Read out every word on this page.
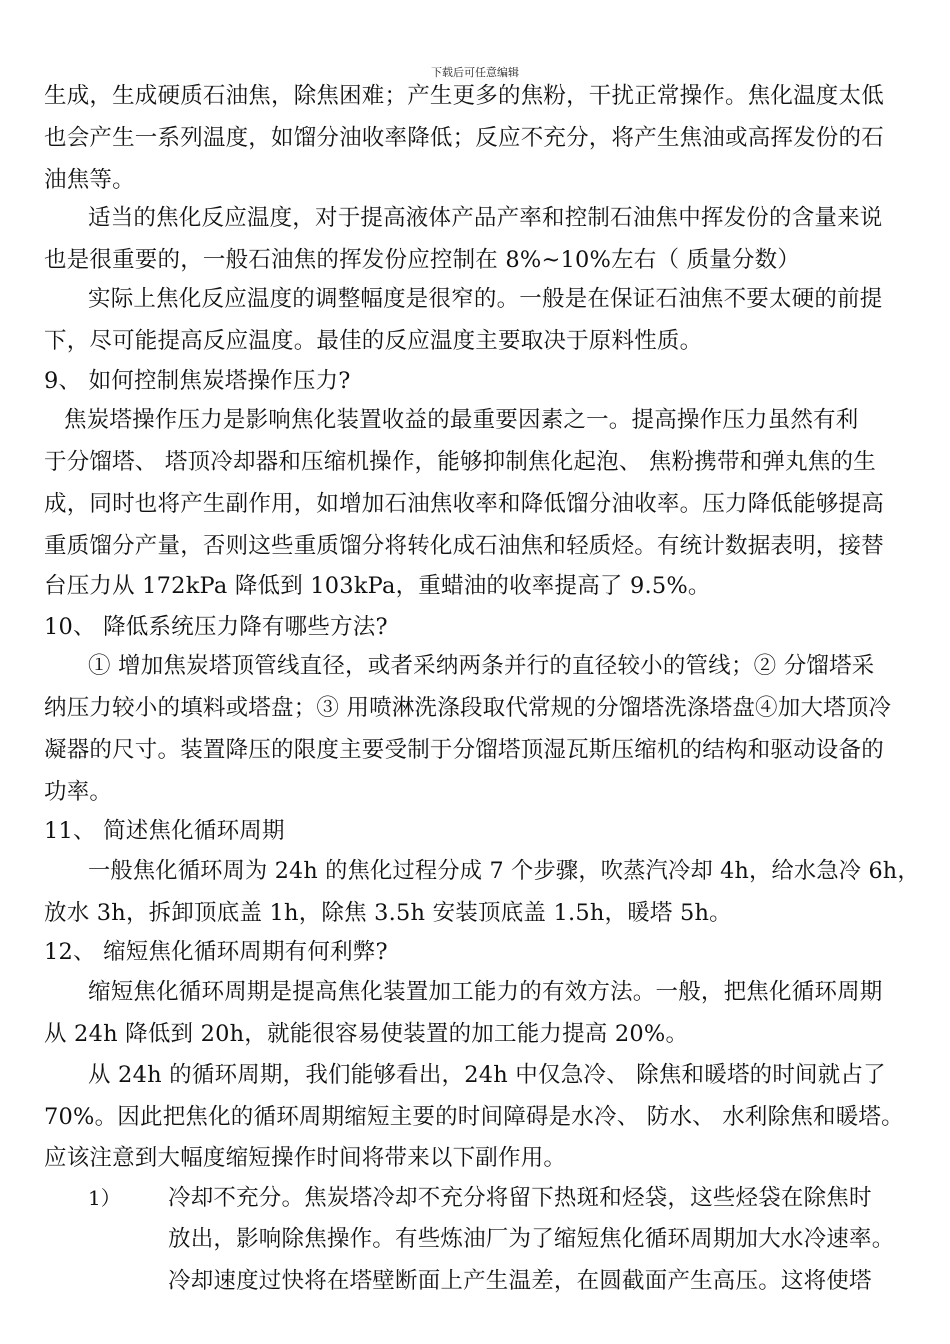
下载后可任意编辑
生成，生成硬质石油焦，除焦困难；产生更多的焦粉，干扰正常操作。焦化温度太低
也会产生一系列温度，如馏分油收率降低；反应不充分，将产生焦油或高挥发份的石
油焦等。
适当的焦化反应温度，对于提高液体产品产率和控制石油焦中挥发份的含量来说
也是很重要的，一般石油焦的挥发份应控制在 8%~10%左右（ 质量分数）
实际上焦化反应温度的调整幅度是很窄的。一般是在保证石油焦不要太硬的前提
下，尽可能提高反应温度。最佳的反应温度主要取决于原料性质。
9、 如何控制焦炭塔操作压力?
焦炭塔操作压力是影响焦化装置收益的最重要因素之一。提高操作压力虽然有利
于分馏塔、 塔顶冷却器和压缩机操作，能够抑制焦化起泡、 焦粉携带和弹丸焦的生
成，同时也将产生副作用，如增加石油焦收率和降低馏分油收率。压力降低能够提高
重质馏分产量，否则这些重质馏分将转化成石油焦和轻质烃。有统计数据表明，接替
台压力从 172kPa 降低到 103kPa，重蜡油的收率提高了 9.5%。
10、 降低系统压力降有哪些方法?
① 增加焦炭塔顶管线直径，或者采纳两条并行的直径较小的管线；② 分馏塔采
纳压力较小的填料或塔盘；③ 用喷淋洗涤段取代常规的分馏塔洗涤塔盘④加大塔顶冷
凝器的尺寸。装置降压的限度主要受制于分馏塔顶湿瓦斯压缩机的结构和驱动设备的
功率。
11、 简述焦化循环周期
一般焦化循环周为 24h 的焦化过程分成 7 个步骤，吹蒸汽冷却 4h，给水急冷 6h，
放水 3h，拆卸顶底盖 1h，除焦 3.5h 安装顶底盖 1.5h，暖塔 5h。
12、 缩短焦化循环周期有何利弊?
缩短焦化循环周期是提高焦化装置加工能力的有效方法。一般，把焦化循环周期
从 24h 降低到 20h，就能很容易使装置的加工能力提高 20%。
从 24h 的循环周期，我们能够看出，24h 中仅急冷、 除焦和暖塔的时间就占了
70%。因此把焦化的循环周期缩短主要的时间障碍是水冷、 防水、 水利除焦和暖塔。
应该注意到大幅度缩短操作时间将带来以下副作用。
1） 冷却不充分。焦炭塔冷却不充分将留下热斑和烃袋，这些烃袋在除焦时
放出，影响除焦操作。有些炼油厂为了缩短焦化循环周期加大水冷速率。
冷却速度过快将在塔壁断面上产生温差，在圆截面产生高压。这将使塔
